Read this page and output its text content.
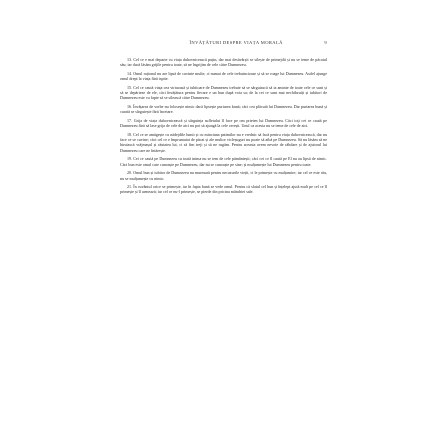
ÎNVĂȚĂTURI DESPRE VIAȚA MORALĂ	9

13. Cel ce e mai departe cu viața duhovnicească puțin, dar mai desăvârșit se silește de primejdii și nu se teme de păcatul său; iar dacă lăsăm grijile pentru toate, să ne îngrijim de cele către Dumnezeu.

14. Omul rațional nu are lipsă de cuvinte multe, ci numai de cele trebuincioase și să se roage lui Dumnezeu. Astfel ajunge omul drept la viața fără ispite.

15. Cel ce caută viața cea virtuoasă și iubitoare de Dumnezeu trebuie să se sârguiască să ia aminte de toate cele ce sunt și să se depărteze de ele, căci învățătura pentru fiecare e un bun după voia sa; de la cei ce sunt mai nechibzuiți și iubitori de Dumnezeu este cu fapte să se silească către Dumnezeu.

16. Învățarea de vorbe nu folosește nimic dacă lipsește purtarea bună; căci cea plăcută lui Dumnezeu. Dar purtarea bună și curată se sârguiește fără încetare.

17. Grija de viața duhovnicească și sârguința sufletului îl face pe om prieten lui Dumnezeu. Căci toți cei ce caută pe Dumnezeu fără să lase grija de cele de aici nu pot să ajungă la cele cerești. Unul ca acesta nu se teme de cele de aici.

18. Cel ce se amăgește cu nădejdile lumii și cu minciuna patimilor nu e vrednic să facă pentru viața duhovnicească, dar nu face ce se cuvine; căci cel ce e împrumutat de păcat și ale multor vicleșuguri nu poate să aibă pe Dumnezeu. Să nu lăsăm să ne biruiască vrăjmașul și răutatea lui, ci să fim treji și să ne rugăm. Pentru aceasta avem nevoie de răbdare și de ajutorul lui Dumnezeu care ne întărește.

19. Cei ce caută pe Dumnezeu cu toată inima nu se tem de cele pământești; căci cei ce îl caută pe El nu au lipsă de nimic. Căci bun este omul care cunoaște pe Dumnezeu, dar nu se cunoaște pe sine; și mulțumește lui Dumnezeu pentru toate.

20. Omul bun și iubitor de Dumnezeu nu murmură pentru necazurile vieții, ci le primește cu mulțumire; iar cel ce este rău, nu se mulțumește cu nimic.

21. În cuvântul orice se primește, iar în fapta bună se vede omul. Pentru că sfatul cel bun și înțelept ajută mult pe cel ce îl primește și îl urmează; iar cel ce nu-l primește, se pierde din pricina mândriei sale.
